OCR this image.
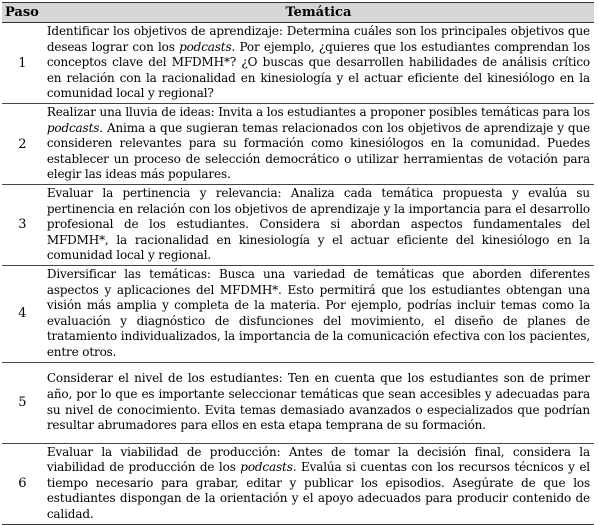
Paso	Temática
1	Identificar los objetivos de aprendizaje: Determina cuáles son los principales objetivos que deseas lograr con los podcasts. Por ejemplo, ¿quieres que los estudiantes comprendan los conceptos clave del MFDMH*? ¿O buscas que desarrollen habilidades de análisis crítico en relación con la racionalidad en kinesiología y el actuar eficiente del kinesiólogo en la comunidad local y regional?
2	Realizar una lluvia de ideas: Invita a los estudiantes a proponer posibles temáticas para los podcasts. Anima a que sugieran temas relacionados con los objetivos de aprendizaje y que consideren relevantes para su formación como kinesiólogos en la comunidad. Puedes establecer un proceso de selección democrático o utilizar herramientas de votación para elegir las ideas más populares.
3	Evaluar la pertinencia y relevancia: Analiza cada temática propuesta y evalúa su pertinencia en relación con los objetivos de aprendizaje y la importancia para el desarrollo profesional de los estudiantes. Considera si abordan aspectos fundamentales del MFDMH*, la racionalidad en kinesiología y el actuar eficiente del kinesiólogo en la comunidad local y regional.
4	Diversificar las temáticas: Busca una variedad de temáticas que aborden diferentes aspectos y aplicaciones del MFDMH*. Esto permitirá que los estudiantes obtengan una visión más amplia y completa de la materia. Por ejemplo, podrías incluir temas como la evaluación y diagnóstico de disfunciones del movimiento, el diseño de planes de tratamiento individualizados, la importancia de la comunicación efectiva con los pacientes, entre otros.
5	Considerar el nivel de los estudiantes: Ten en cuenta que los estudiantes son de primer año, por lo que es importante seleccionar temáticas que sean accesibles y adecuadas para su nivel de conocimiento. Evita temas demasiado avanzados o especializados que podrían resultar abrumadores para ellos en esta etapa temprana de su formación.
6	Evaluar la viabilidad de producción: Antes de tomar la decisión final, considera la viabilidad de producción de los podcasts. Evalúa si cuentas con los recursos técnicos y el tiempo necesario para grabar, editar y publicar los episodios. Asegúrate de que los estudiantes dispongan de la orientación y el apoyo adecuados para producir contenido de calidad.
